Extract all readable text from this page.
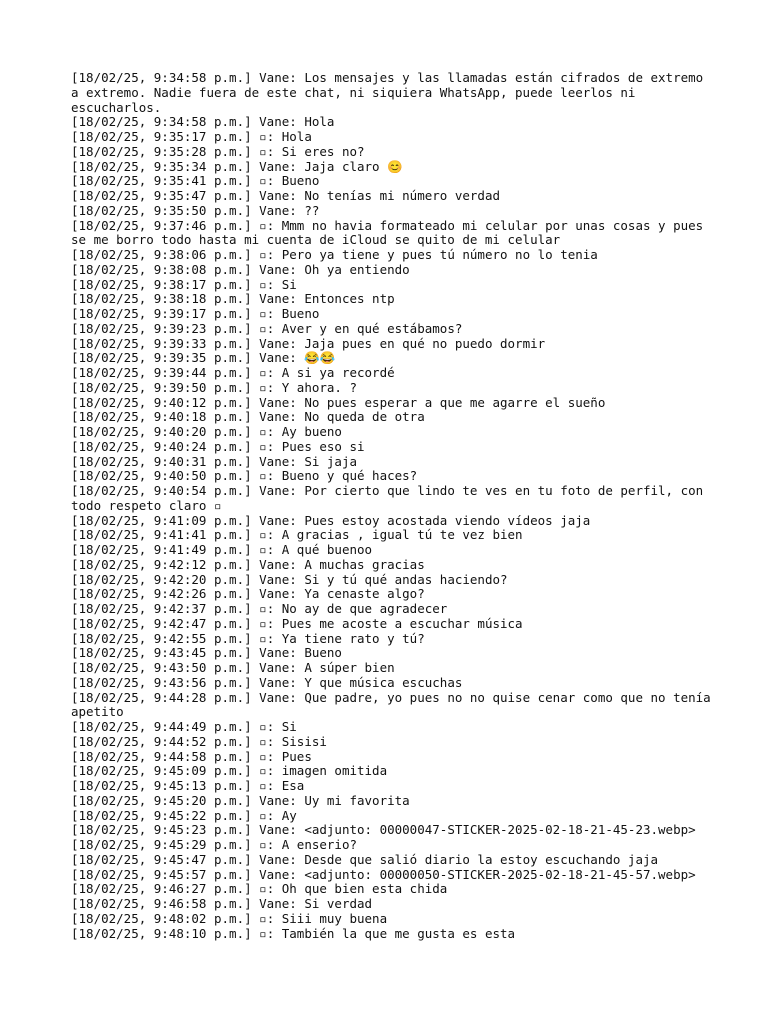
[18/02/25, 9:34:58 p.m.] Vane: Los mensajes y las llamadas están cifrados de extremo a extremo. Nadie fuera de este chat, ni siquiera WhatsApp, puede leerlos ni escucharlos.
[18/02/25, 9:34:58 p.m.] Vane: Hola
[18/02/25, 9:35:17 p.m.] ▫: Hola
[18/02/25, 9:35:28 p.m.] ▫: Si eres no?
[18/02/25, 9:35:34 p.m.] Vane: Jaja claro 😊
[18/02/25, 9:35:41 p.m.] ▫: Bueno
[18/02/25, 9:35:47 p.m.] Vane: No tenías mi número verdad
[18/02/25, 9:35:50 p.m.] Vane: ??
[18/02/25, 9:37:46 p.m.] ▫: Mmm no havia formateado mi celular por unas cosas y pues se me borro todo hasta mi cuenta de iCloud se quito de mi celular
[18/02/25, 9:38:06 p.m.] ▫: Pero ya tiene y pues tú número no lo tenia
[18/02/25, 9:38:08 p.m.] Vane: Oh ya entiendo
[18/02/25, 9:38:17 p.m.] ▫: Si
[18/02/25, 9:38:18 p.m.] Vane: Entonces ntp
[18/02/25, 9:39:17 p.m.] ▫: Bueno
[18/02/25, 9:39:23 p.m.] ▫: Aver y en qué estábamos?
[18/02/25, 9:39:33 p.m.] Vane: Jaja pues en qué no puedo dormir
[18/02/25, 9:39:35 p.m.] Vane: 😂😂
[18/02/25, 9:39:44 p.m.] ▫: A si ya recordé
[18/02/25, 9:39:50 p.m.] ▫: Y ahora. ?
[18/02/25, 9:40:12 p.m.] Vane: No pues esperar a que me agarre el sueño
[18/02/25, 9:40:18 p.m.] Vane: No queda de otra
[18/02/25, 9:40:20 p.m.] ▫: Ay bueno
[18/02/25, 9:40:24 p.m.] ▫: Pues eso si
[18/02/25, 9:40:31 p.m.] Vane: Si jaja
[18/02/25, 9:40:50 p.m.] ▫: Bueno y qué haces?
[18/02/25, 9:40:54 p.m.] Vane: Por cierto que lindo te ves en tu foto de perfil, con todo respeto claro ▫
[18/02/25, 9:41:09 p.m.] Vane: Pues estoy acostada viendo vídeos jaja
[18/02/25, 9:41:41 p.m.] ▫: A gracias , igual tú te vez bien
[18/02/25, 9:41:49 p.m.] ▫: A qué buenoo
[18/02/25, 9:42:12 p.m.] Vane: A muchas gracias
[18/02/25, 9:42:20 p.m.] Vane: Si y tú qué andas haciendo?
[18/02/25, 9:42:26 p.m.] Vane: Ya cenaste algo?
[18/02/25, 9:42:37 p.m.] ▫: No ay de que agradecer
[18/02/25, 9:42:47 p.m.] ▫: Pues me acoste a escuchar música
[18/02/25, 9:42:55 p.m.] ▫: Ya tiene rato y tú?
[18/02/25, 9:43:45 p.m.] Vane: Bueno
[18/02/25, 9:43:50 p.m.] Vane: A súper bien
[18/02/25, 9:43:56 p.m.] Vane: Y que música escuchas
[18/02/25, 9:44:28 p.m.] Vane: Que padre, yo pues no no quise cenar como que no tenía apetito
[18/02/25, 9:44:49 p.m.] ▫: Si
[18/02/25, 9:44:52 p.m.] ▫: Sisisi
[18/02/25, 9:44:58 p.m.] ▫: Pues
[18/02/25, 9:45:09 p.m.] ▫: imagen omitida
[18/02/25, 9:45:13 p.m.] ▫: Esa
[18/02/25, 9:45:20 p.m.] Vane: Uy mi favorita
[18/02/25, 9:45:22 p.m.] ▫: Ay
[18/02/25, 9:45:23 p.m.] Vane: <adjunto: 00000047-STICKER-2025-02-18-21-45-23.webp>
[18/02/25, 9:45:29 p.m.] ▫: A enserio?
[18/02/25, 9:45:47 p.m.] Vane: Desde que salió diario la estoy escuchando jaja
[18/02/25, 9:45:57 p.m.] Vane: <adjunto: 00000050-STICKER-2025-02-18-21-45-57.webp>
[18/02/25, 9:46:27 p.m.] ▫: Oh que bien esta chida
[18/02/25, 9:46:58 p.m.] Vane: Si verdad
[18/02/25, 9:48:02 p.m.] ▫: Siii muy buena
[18/02/25, 9:48:10 p.m.] ▫: También la que me gusta es esta
